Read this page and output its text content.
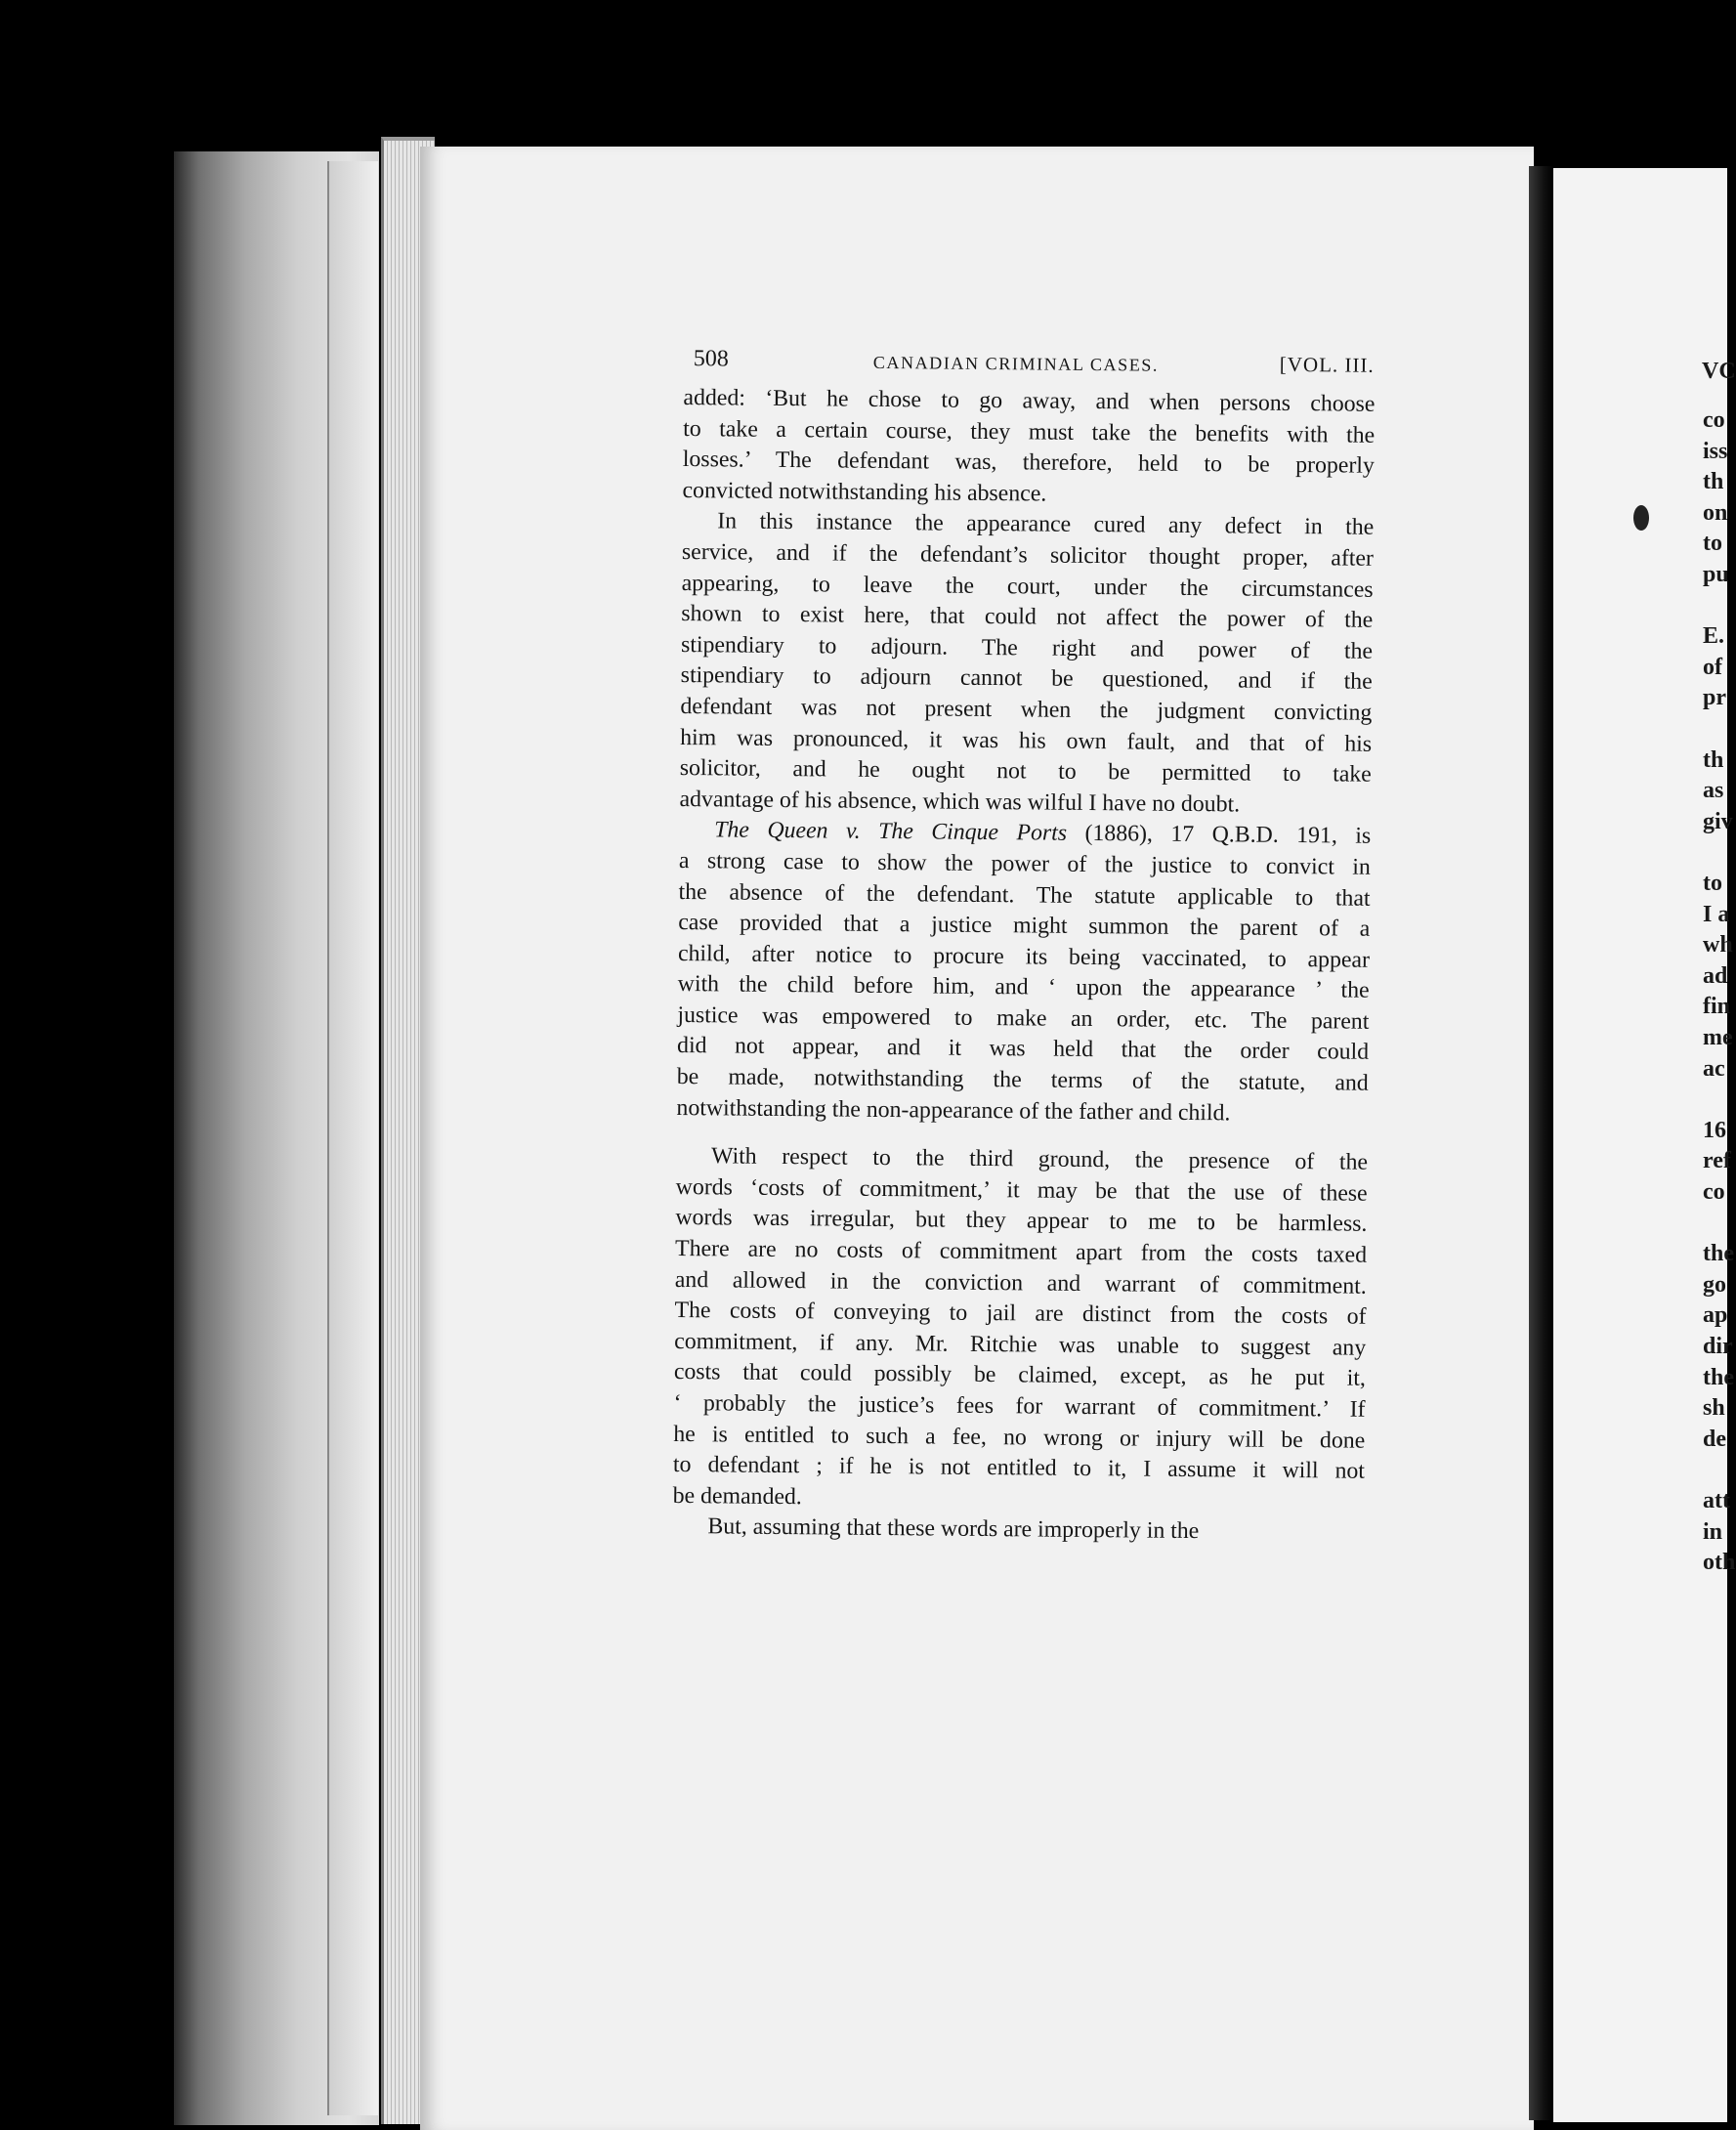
508	CANADIAN CRIMINAL CASES.	[VOL. III.
added: ‘But he chose to go away, and when persons choose
to take a certain course, they must take the benefits with the
losses.’ The defendant was, therefore, held to be properly
convicted notwithstanding his absence.
In this instance the appearance cured any defect in the
service, and if the defendant’s solicitor thought proper, after
appearing, to leave the court, under the circumstances
shown to exist here, that could not affect the power of the
stipendiary to adjourn. The right and power of the
stipendiary to adjourn cannot be questioned, and if the
defendant was not present when the judgment convicting
him was pronounced, it was his own fault, and that of his
solicitor, and he ought not to be permitted to take
advantage of his absence, which was wilful I have no doubt.
The Queen v. The Cinque Ports (1886), 17 Q.B.D. 191, is
a strong case to show the power of the justice to convict in
the absence of the defendant. The statute applicable to that
case provided that a justice might summon the parent of a
child, after notice to procure its being vaccinated, to appear
with the child before him, and ‘ upon the appearance ’ the
justice was empowered to make an order, etc. The parent
did not appear, and it was held that the order could
be made, notwithstanding the terms of the statute, and
notwithstanding the non-appearance of the father and child.
With respect to the third ground, the presence of the
words ‘costs of commitment,’ it may be that the use of these
words was irregular, but they appear to me to be harmless.
There are no costs of commitment apart from the costs taxed
and allowed in the conviction and warrant of commitment.
The costs of conveying to jail are distinct from the costs of
commitment, if any. Mr. Ritchie was unable to suggest any
costs that could possibly be claimed, except, as he put it,
‘ probably the justice’s fees for warrant of commitment.’ If
he is entitled to such a fee, no wrong or injury will be done
to defendant ; if he is not entitled to it, I assume it will not
be demanded.
But, assuming that these words are improperly in the
VC
co
iss
th
on
to
pu
E.
of
pr
th
as
giv
to
I a
wh
ad
fin
me
ac
16
ref
co
the
go
ap
dir
the
sh
de
att
in
oth
